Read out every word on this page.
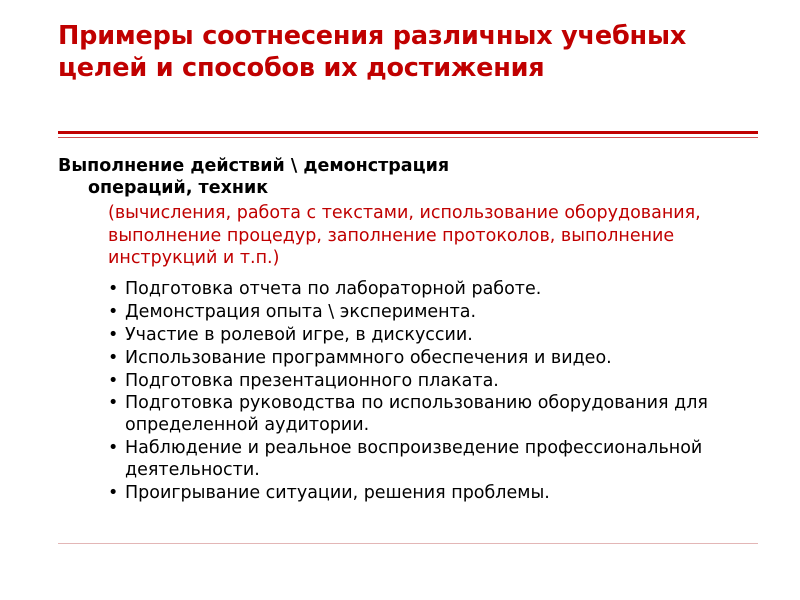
Примеры соотнесения различных учебных целей и способов их достижения

Выполнение действий \ демонстрация
операций, техник

(вычисления, работа с текстами, использование оборудования, выполнение процедур, заполнение протоколов, выполнение инструкций и т.п.)

• Подготовка отчета по лабораторной работе.
• Демонстрация опыта \ эксперимента.
• Участие в ролевой игре, в дискуссии.
• Использование программного обеспечения и видео.
• Подготовка презентационного плаката.
• Подготовка руководства по использованию оборудования для определенной аудитории.
• Наблюдение и реальное воспроизведение профессиональной деятельности.
• Проигрывание ситуации, решения проблемы.
